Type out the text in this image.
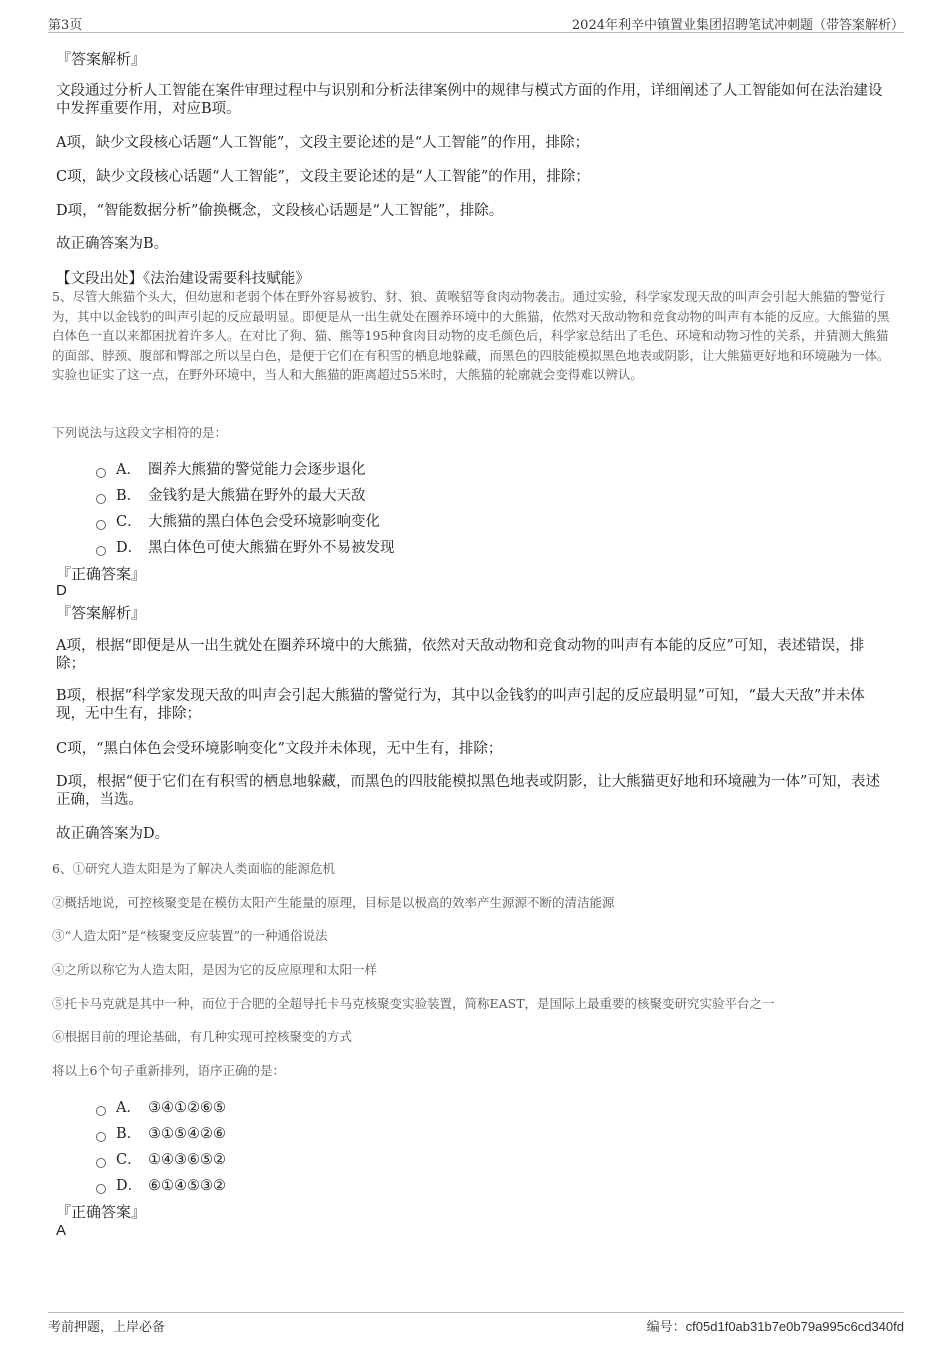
第3页	2024年利辛中镇置业集团招聘笔试冲刺题（带答案解析）
『答案解析』
文段通过分析人工智能在案件审理过程中与识别和分析法律案例中的规律与模式方面的作用，详细阐述了人工智能如何在法治建设中发挥重要作用，对应B项。
A项，缺少文段核心话题“人工智能”，文段主要论述的是“人工智能”的作用，排除；
C项，缺少文段核心话题“人工智能”，文段主要论述的是“人工智能”的作用，排除；
D项，“智能数据分析”偷换概念，文段核心话题是“人工智能”，排除。
故正确答案为B。
【文段出处】《法治建设需要科技赋能》
5、尽管大熊猫个头大，但幼崽和老弱个体在野外容易被豹、豺、狼、黄喉貂等食肉动物袭击。通过实验，科学家发现天敌的叫声会引起大熊猫的警觉行为，其中以金钱豹的叫声引起的反应最明显。即便是从一出生就处在圈养环境中的大熊猫，依然对天敌动物和竞食动物的叫声有本能的反应。大熊猫的黑白体色一直以来都困扰着许多人。在对比了狗、猫、熊等195种食肉目动物的皮毛颜色后，科学家总结出了毛色、环境和动物习性的关系，并猜测大熊猫的面部、脖颈、腹部和臀部之所以呈白色，是便于它们在有积雪的栖息地躲藏，而黑色的四肢能模拟黑色地表或阴影，让大熊猫更好地和环境融为一体。实验也证实了这一点，在野外环境中，当人和大熊猫的距离超过55米时，大熊猫的轮廓就会变得难以辨认。
下列说法与这段文字相符的是：
A． 圈养大熊猫的警觉能力会逐步退化
B． 金钱豹是大熊猫在野外的最大天敌
C． 大熊猫的黑白体色会受环境影响变化
D． 黑白体色可使大熊猫在野外不易被发现
『正确答案』
D
『答案解析』
A项，根据“即便是从一出生就处在圈养环境中的大熊猫，依然对天敌动物和竞食动物的叫声有本能的反应”可知，表述错误，排除；
B项，根据“科学家发现天敌的叫声会引起大熊猫的警觉行为，其中以金钱豹的叫声引起的反应最明显”可知，“最大天敌”并未体现，无中生有，排除；
C项，“黑白体色会受环境影响变化”文段并未体现，无中生有，排除；
D项，根据“便于它们在有积雪的栖息地躲藏，而黑色的四肢能模拟黑色地表或阴影，让大熊猫更好地和环境融为一体”可知，表述正确，当选。
故正确答案为D。
6、①研究人造太阳是为了解决人类面临的能源危机
②概括地说，可控核聚变是在模仿太阳产生能量的原理，目标是以极高的效率产生源源不断的清洁能源
③“人造太阳”是“核聚变反应装置”的一种通俗说法
④之所以称它为人造太阳，是因为它的反应原理和太阳一样
⑤托卡马克就是其中一种，而位于合肥的全超导托卡马克核聚变实验装置，简称EAST，是国际上最重要的核聚变研究实验平台之一
⑥根据目前的理论基础，有几种实现可控核聚变的方式
将以上6个句子重新排列，语序正确的是：
A． ③④①②⑥⑤
B． ③①⑤④②⑥
C． ①④③⑥⑤②
D． ⑥①④⑤③②
『正确答案』
A
考前押题，上岸必备	编号：cf05d1f0ab31b7e0b79a995c6cd340fd
